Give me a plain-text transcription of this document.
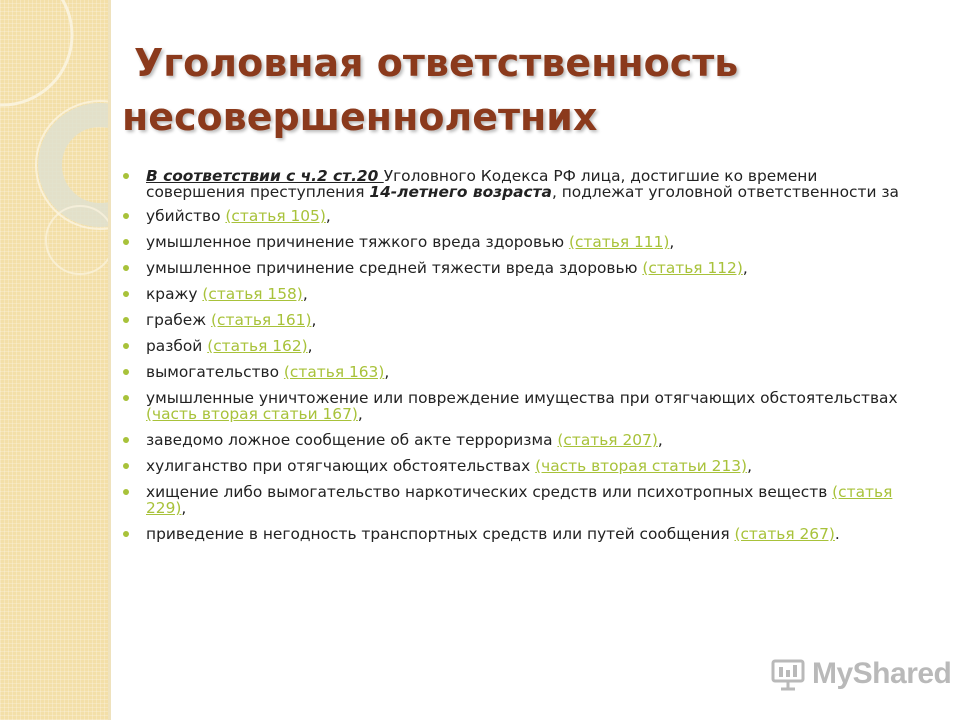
Уголовная ответственность
несовершеннолетних
В соответствии с ч.2 ст.20 Уголовного Кодекса РФ лица, достигшие ко времени совершения преступления 14-летнего возраста, подлежат уголовной ответственности за
убийство (статья 105),
умышленное причинение тяжкого вреда здоровью (статья 111),
умышленное причинение средней тяжести вреда здоровью (статья 112),
кражу (статья 158),
грабеж (статья 161),
разбой (статья 162),
вымогательство (статья 163),
умышленные уничтожение или повреждение имущества при отягчающих обстоятельствах (часть вторая статьи 167),
заведомо ложное сообщение об акте терроризма (статья 207),
хулиганство при отягчающих обстоятельствах (часть вторая статьи 213),
хищение либо вымогательство наркотических средств или психотропных веществ (статья 229),
приведение в негодность транспортных средств или путей сообщения (статья 267).
MyShared
